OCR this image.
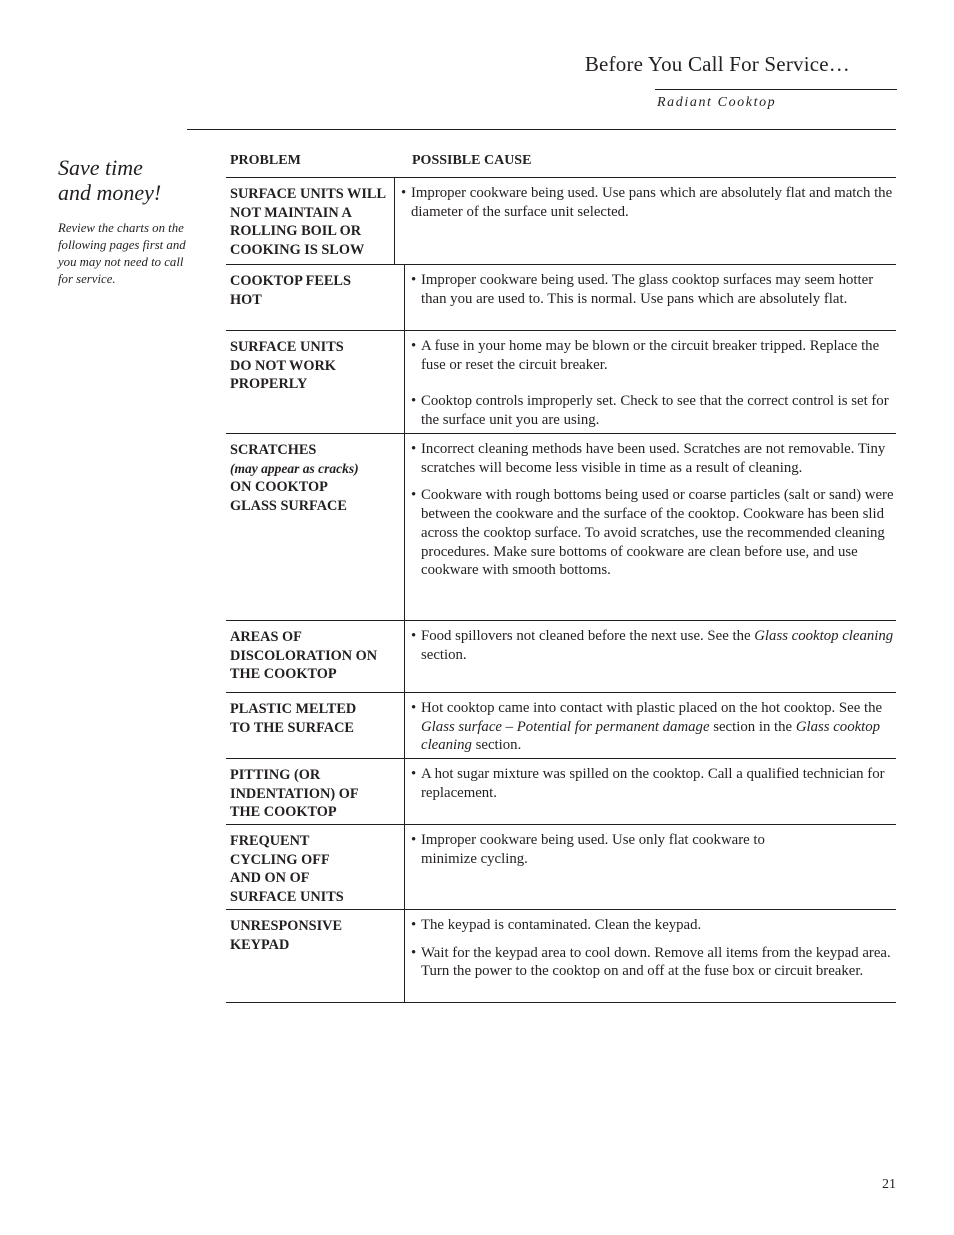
Before You Call For Service…
Radiant Cooktop
Save time
and money!
Review the charts on the following pages first and you may not need to call for service.
PROBLEM	POSSIBLE CAUSE
SURFACE UNITS WILL NOT MAINTAIN A ROLLING BOIL OR COOKING IS SLOW
• Improper cookware being used. Use pans which are absolutely flat and match the diameter of the surface unit selected.
COOKTOP FEELS HOT
• Improper cookware being used. The glass cooktop surfaces may seem hotter than you are used to. This is normal. Use pans which are absolutely flat.
SURFACE UNITS DO NOT WORK PROPERLY
• A fuse in your home may be blown or the circuit breaker tripped. Replace the fuse or reset the circuit breaker.
• Cooktop controls improperly set. Check to see that the correct control is set for the surface unit you are using.
SCRATCHES
(may appear as cracks)
ON COOKTOP GLASS SURFACE
• Incorrect cleaning methods have been used. Scratches are not removable. Tiny scratches will become less visible in time as a result of cleaning.
• Cookware with rough bottoms being used or coarse particles (salt or sand) were between the cookware and the surface of the cooktop. Cookware has been slid across the cooktop surface. To avoid scratches, use the recommended cleaning procedures. Make sure bottoms of cookware are clean before use, and use cookware with smooth bottoms.
AREAS OF DISCOLORATION ON THE COOKTOP
• Food spillovers not cleaned before the next use. See the Glass cooktop cleaning section.
PLASTIC MELTED TO THE SURFACE
• Hot cooktop came into contact with plastic placed on the hot cooktop. See the Glass surface – Potential for permanent damage section in the Glass cooktop cleaning section.
PITTING (OR INDENTATION) OF THE COOKTOP
• A hot sugar mixture was spilled on the cooktop. Call a qualified technician for replacement.
FREQUENT CYCLING OFF AND ON OF SURFACE UNITS
• Improper cookware being used. Use only flat cookware to minimize cycling.
UNRESPONSIVE KEYPAD
• The keypad is contaminated. Clean the keypad.
• Wait for the keypad area to cool down. Remove all items from the keypad area. Turn the power to the cooktop on and off at the fuse box or circuit breaker.
21
